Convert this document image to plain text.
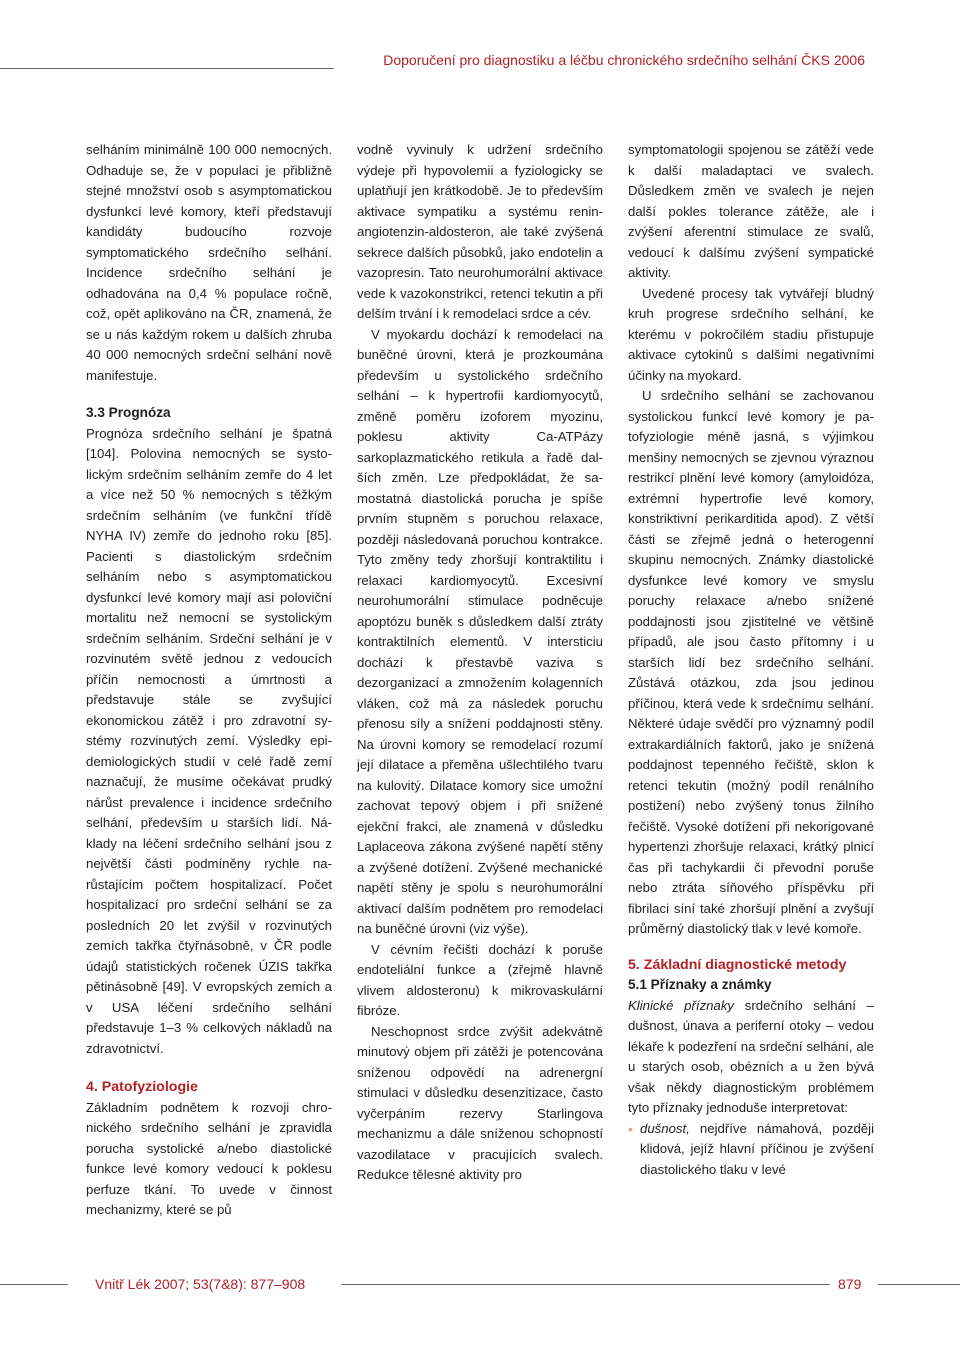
Doporučení pro diagnostiku a léčbu chronického srdečního selhání ČKS 2006

selháním minimálně 100 000 nemocných. Odhaduje se, že v populaci je přibližně stejné množství osob s asymptomatickou dysfunkcí levé komory, kteří představují kandidáty budoucího rozvoje symptomatického srdečního selhání. Incidence srdečního selhání je odhadována na 0,4 % populace ročně, což, opět aplikováno na ČR, znamená, že se u nás každým rokem u dalších zhruba 40 000 nemocných srdeční selhání nově manifestuje.

3.3 Prognóza

Prognóza srdečního selhání je špatná [104]. Polovina nemocných se systolickým srdečním selháním zemře do 4 let a více než 50 % nemocných s těžkým srdečním selháním (ve funkční třídě NYHA IV) zemře do jednoho roku [85]. Pacienti s diastolickým srdečním selháním nebo s asymptomatickou dysfunkcí levé komory mají asi poloviční mortalitu než nemocní se systolickým srdečním selháním. Srdeční selhání je v rozvinutém světě jednou z vedoucích příčin nemocnosti a úmrtnosti a představuje stále se zvyšující ekonomickou zátěž i pro zdravotní systémy rozvinutých zemí. Výsledky epidemiologických studií v celé řadě zemí naznačují, že musíme očekávat prudký nárůst prevalence i incidence srdečního selhání, především u starších lidí. Náklady na léčení srdečního selhání jsou z největší části podmíněny rychle narůstajícím počtem hospitalizací. Počet hospitalizací pro srdeční selhání se za posledních 20 let zvýšil v rozvinutých zemích takřka čtyřnásobně, v ČR podle údajů statistických ročenek ÚZIS takřka pětinásobně [49]. V evropských zemích a v USA léčení srdečního selhání představuje 1–3 % celkových nákladů na zdravotnictví.

4. Patofyziologie

Základním podnětem k rozvoji chronického srdečního selhání je zpravidla porucha systolické a/nebo diastolické funkce levé komory vedoucí k poklesu perfuze tkání. To uvede v činnost mechanizmy, které se pů

vodně vyvinuly k udržení srdečního výdeje při hypovolemii a fyziologicky se uplatňují jen krátkodobě. Je to především aktivace sympatiku a systému renin-angiotenzin-aldosteron, ale také zvýšená sekrece dalších působků, jako endotelin a vazopresin. Tato neurohumorální aktivace vede k vazokonstrikci, retenci tekutin a při delším trvání i k remodelaci srdce a cév.

V myokardu dochází k remodelaci na buněčné úrovni, která je prozkoumána především u systolického srdečního selhání – k hypertrofii kardiomyocytů, změně poměru izoforem myozinu, poklesu aktivity Ca-ATPázy sarkoplazmatického retikula a řadě dalších změn. Lze předpokládat, že samostatná diastolická porucha je spíše prvním stupněm s poruchou relaxace, později následovaná poruchou kontrakce. Tyto změny tedy zhoršují kontraktilitu i relaxaci kardiomyocytů. Excesivní neurohumorální stimulace podněcuje apoptózu buněk s důsledkem další ztráty kontraktilních elementů. V intersticiu dochází k přestavbě vaziva s dezorganizací a zmnožením kolagenních vláken, což má za následek poruchu přenosu síly a snížení poddajnosti stěny. Na úrovni komory se remodelací rozumí její dilatace a přeměna ušlechtilého tvaru na kulovitý. Dilatace komory sice umožní zachovat tepový objem i při snížené ejekční frakci, ale znamená v důsledku Laplaceova zákona zvýšené napětí stěny a zvýšené dotížení. Zvýšené mechanické napětí stěny je spolu s neurohumorální aktivací dalším podnětem pro remodelaci na buněčné úrovni (viz výše).

V cévním řečišti dochází k poruše endoteliální funkce a (zřejmě hlavně vlivem aldosteronu) k mikrovaskulární fibróze.

Neschopnost srdce zvýšit adekvátně minutový objem při zátěži je potencována sníženou odpovědí na adrenergní stimulaci v důsledku desenzitizace, často vyčerpáním rezervy Starlingova mechanizmu a dále sníženou schopností vazodilatace v pracujících svalech. Redukce tělesné aktivity pro

symptomatologii spojenou se zátěží vede k další maladaptaci ve svalech. Důsledkem změn ve svalech je nejen další pokles tolerance zátěže, ale i zvýšení aferentní stimulace ze svalů, vedoucí k dalšímu zvýšení sympatické aktivity.

Uvedené procesy tak vytvářejí bludný kruh progrese srdečního selhání, ke kterému v pokročilém stadiu přistupuje aktivace cytokinů s dalšími negativními účinky na myokard.

U srdečního selhání se zachovanou systolickou funkcí levé komory je patofyziologie méně jasná, s výjimkou menšiny nemocných se zjevnou výraznou restrikcí plnění levé komory (amyloidóza, extrémní hypertrofie levé komory, konstriktivní perikarditida apod). Z větší části se zřejmě jedná o heterogenní skupinu nemocných. Známky diastolické dysfunkce levé komory ve smyslu poruchy relaxace a/nebo snížené poddajnosti jsou zjistitelné ve většině případů, ale jsou často přítomny i u starších lidí bez srdečního selhání. Zůstává otázkou, zda jsou jedinou příčinou, která vede k srdečnímu selhání. Některé údaje svědčí pro významný podíl extrakardiálních faktorů, jako je snížená poddajnost tepenného řečiště, sklon k retenci tekutin (možný podíl renálního postižení) nebo zvýšený tonus žilního řečiště. Vysoké dotížení při nekorigované hypertenzi zhoršuje relaxaci, krátký plnicí čas při tachykardii či převodní poruše nebo ztráta síňového příspěvku při fibrilaci síní také zhoršují plnění a zvyšují průměrný diastolický tlak v levé komoře.

5. Základní diagnostické metody

5.1 Příznaky a známky

Klinické příznaky srdečního selhání – dušnost, únava a periferní otoky – vedou lékaře k podezření na srdeční selhání, ale u starých osob, obézních a u žen bývá však někdy diagnostickým problémem tyto příznaky jednoduše interpretovat:

• dušnost, nejdříve námahová, později klidová, jejíž hlavní příčinou je zvýšení diastolického tlaku v levé
Vnitř Lék 2007; 53(7&8): 877–908	879
